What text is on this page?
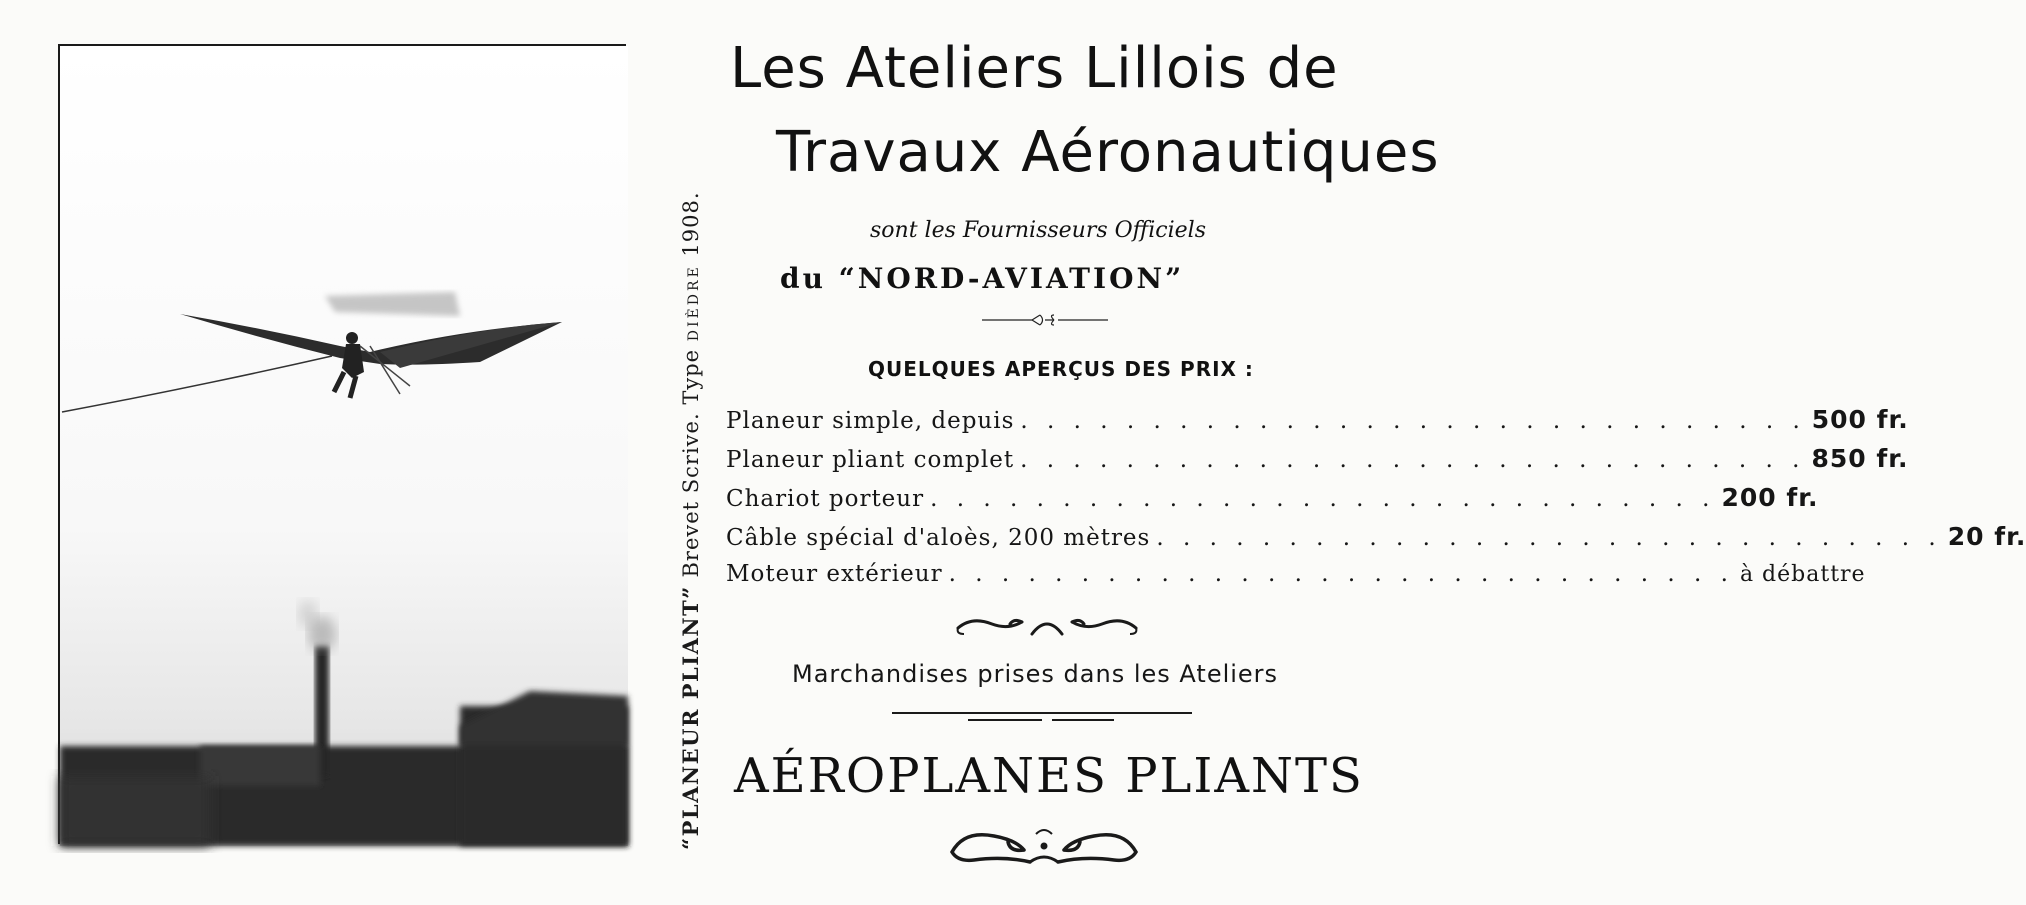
“PLANEUR PLIANT” Brevet Scrive. Type DIÈDRE 1908.
Les Ateliers Lillois de
Travaux Aéronautiques
sont les Fournisseurs Officiels
du “NORD-AVIATION”
QUELQUES APERÇUS DES PRIX :
Planeur simple, depuis . . . . . . . . . . . . . . . . . . . . . . . . . . . . . . 500 fr.
Planeur pliant complet . . . . . . . . . . . . . . . . . . . . . . . . . . . . . . 850 fr.
Chariot porteur . . . . . . . . . . . . . . . . . . . . . . . . . . . . . . 200 fr.
Câble spécial d'aloès, 200 mètres . . . . . . . . . . . . . . . . . . . . . . . . . . . . . . 20 fr.
Moteur extérieur . . . . . . . . . . . . . . . . . . . . . . . . . . . . . . à débattre
Marchandises prises dans les Ateliers
AÉROPLANES PLIANTS
